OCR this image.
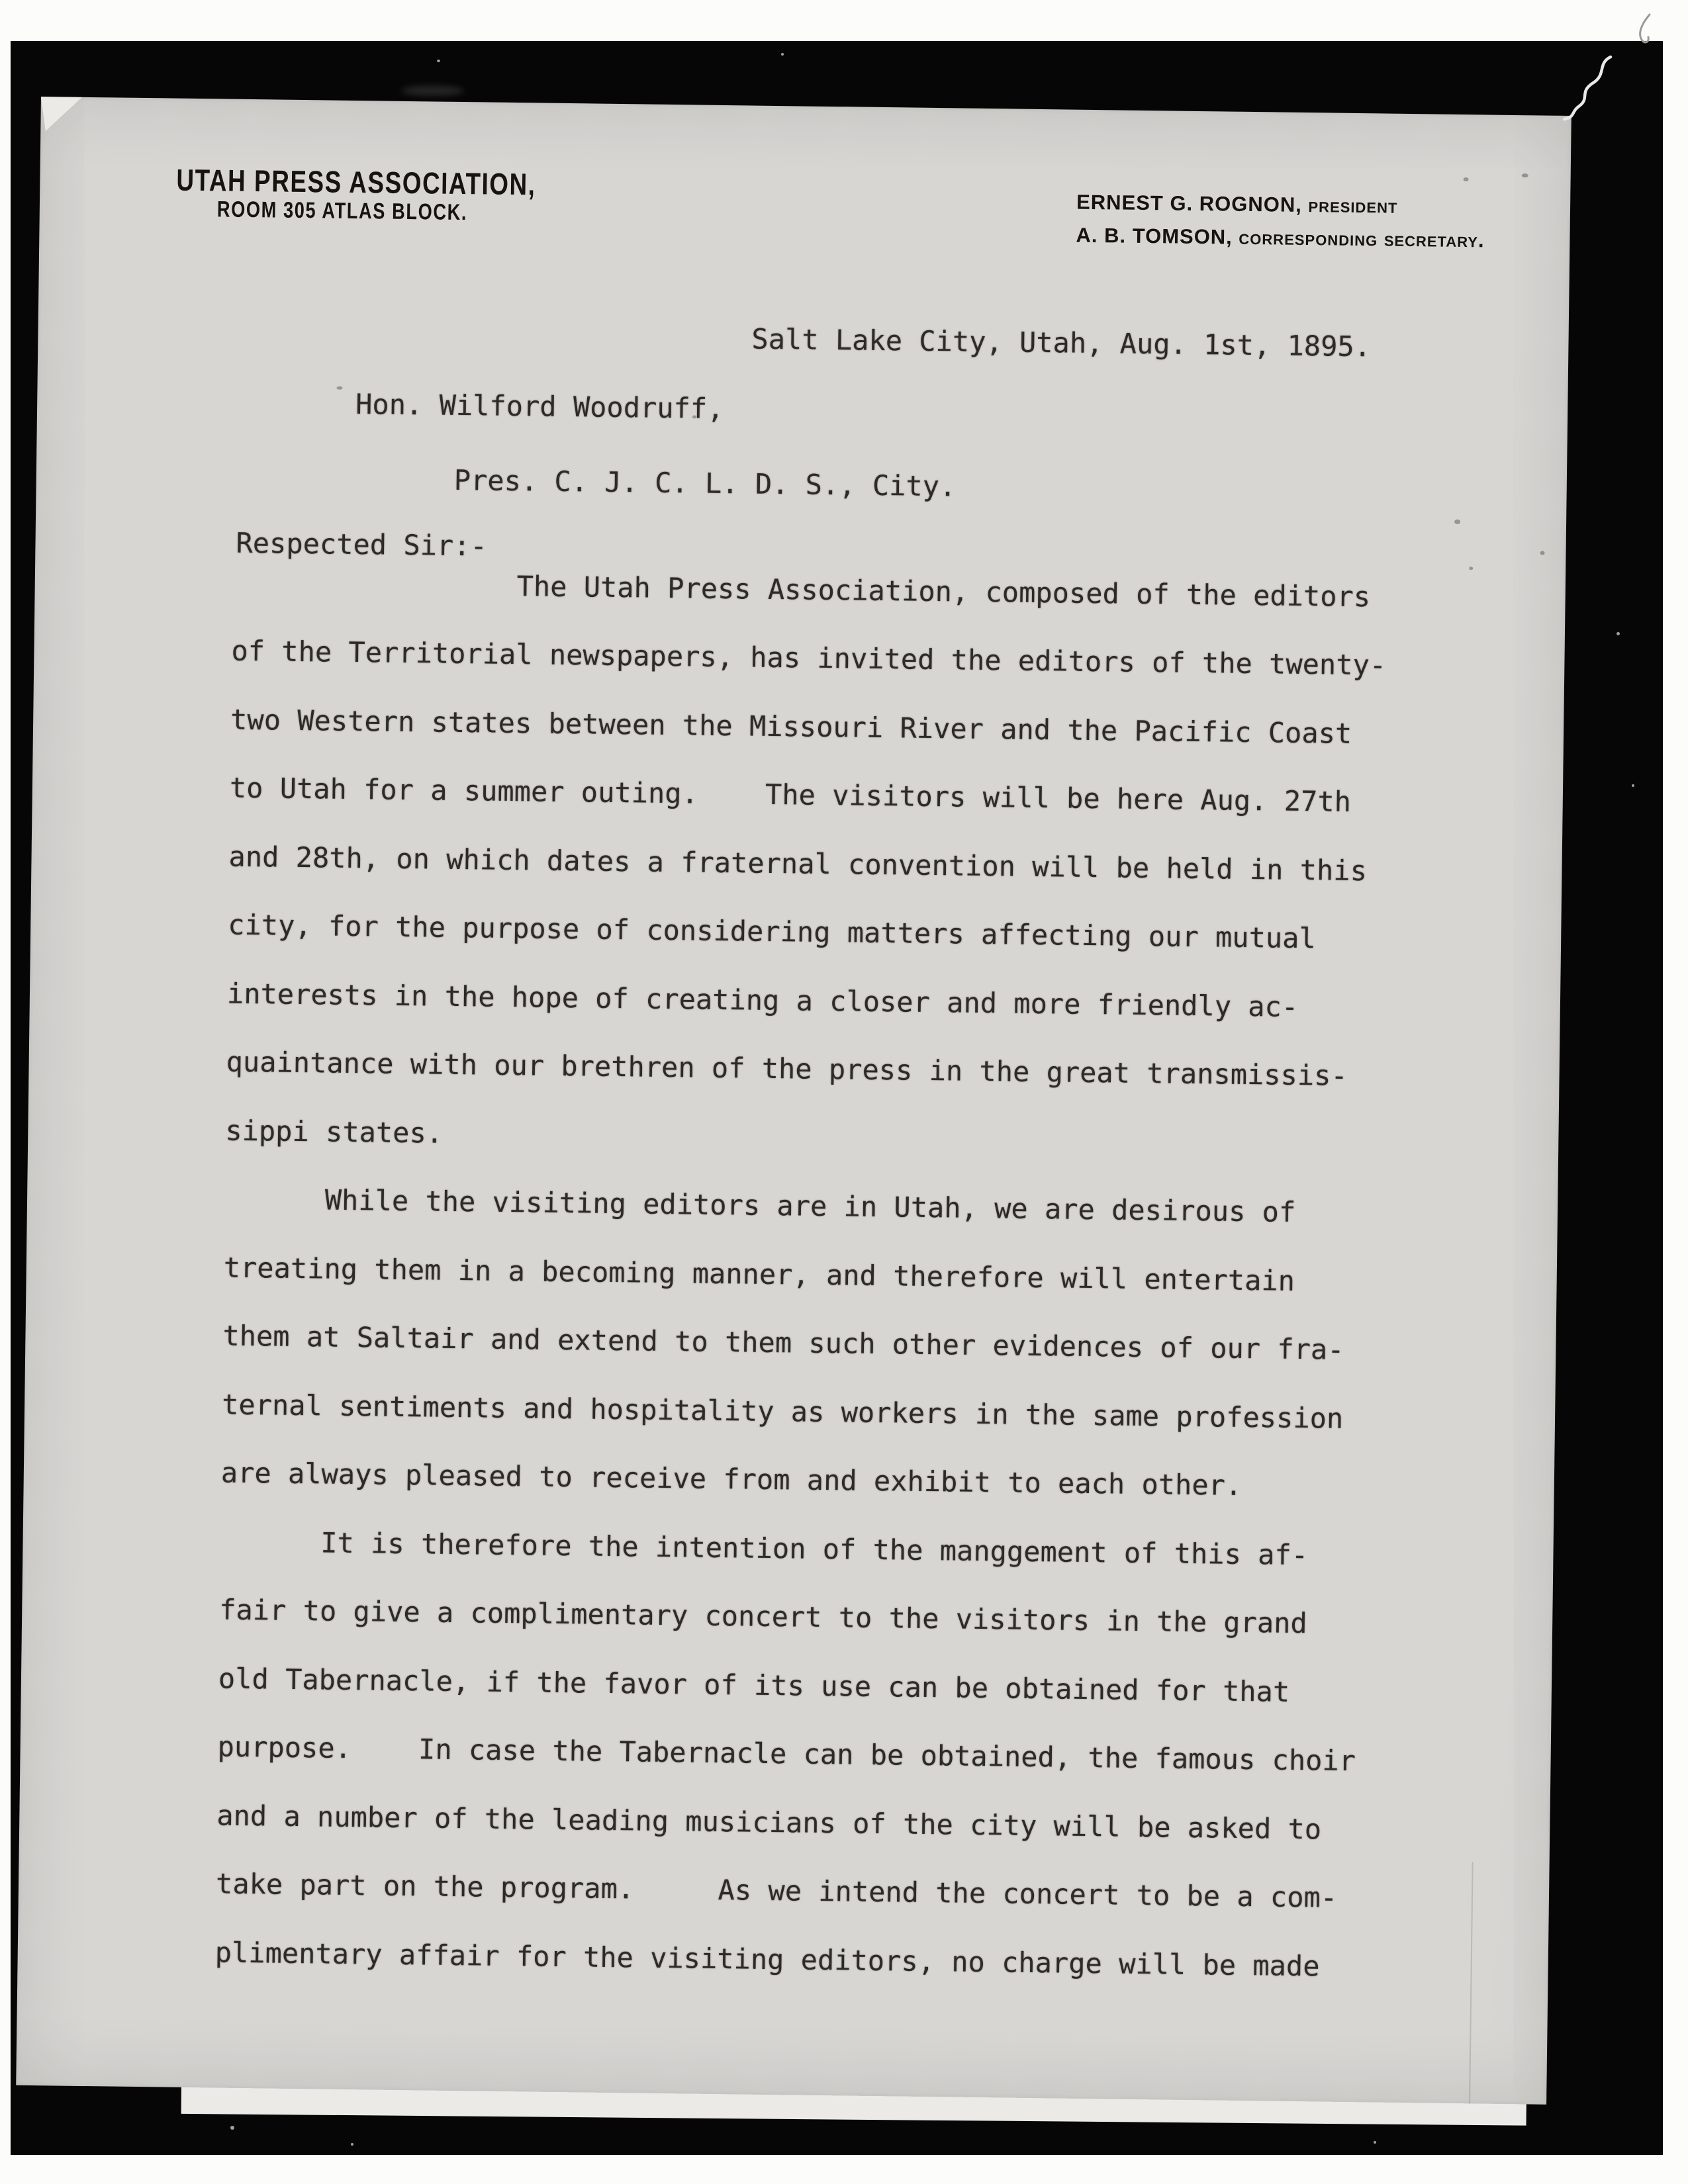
UTAH PRESS ASSOCIATION,
ROOM 305 ATLAS BLOCK.	ERNEST G. ROGNON, president
A. B. TOMSON, corresponding secretary.
Salt Lake City, Utah, Aug. 1st, 1895.
Hon. Wilford Woodruff,
Pres. C. J. C. L. D. S., City.
Respected Sir:-
The Utah Press Association, composed of the editors
of the Territorial newspapers, has invited the editors of the twenty-
two Western states between the Missouri River and the Pacific Coast
to Utah for a summer outing.    The visitors will be here Aug. 27th
and 28th, on which dates a fraternal convention will be held in this
city, for the purpose of considering matters affecting our mutual
interests in the hope of creating a closer and more friendly ac-
quaintance with our brethren of the press in the great transmissis-
sippi states.
While the visiting editors are in Utah, we are desirous of
treating them in a becoming manner, and therefore will entertain
them at Saltair and extend to them such other evidences of our fra-
ternal sentiments and hospitality as workers in the same profession
are always pleased to receive from and exhibit to each other.
It is therefore the intention of the manggement of this af-
fair to give a complimentary concert to the visitors in the grand
old Tabernacle, if the favor of its use can be obtained for that
purpose.    In case the Tabernacle can be obtained, the famous choir
and a number of the leading musicians of the city will be asked to
take part on the program.     As we intend the concert to be a com-
plimentary affair for the visiting editors, no charge will be made
